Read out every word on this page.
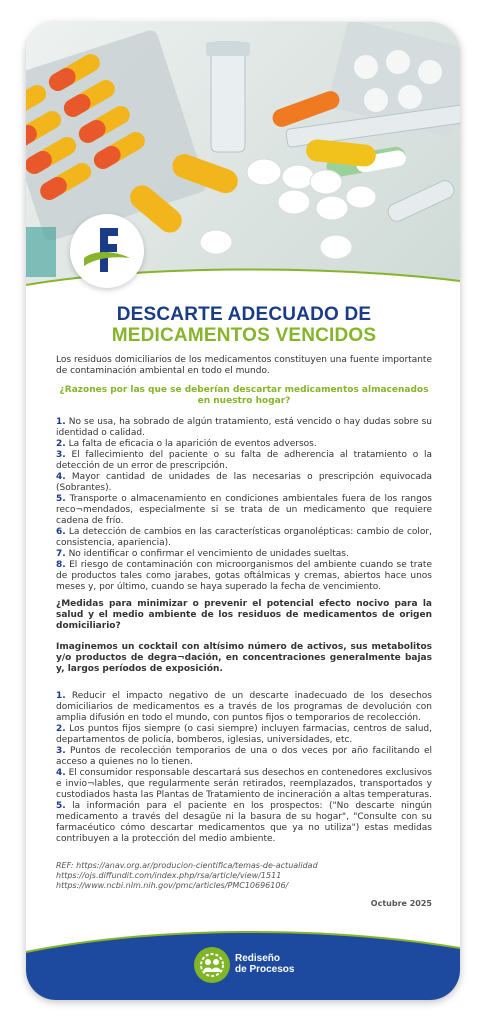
DESCARTE ADECUADO DE
MEDICAMENTOS VENCIDOS
Los residuos domiciliarios de los medicamentos constituyen una fuente importante de contaminación ambiental en todo el mundo.
¿Razones por las que se deberían descartar medicamentos almacenados en nuestro hogar?
1. No se usa, ha sobrado de algún tratamiento, está vencido o hay dudas sobre su identidad o calidad.
2. La falta de eficacia o la aparición de eventos adversos.
3. El fallecimiento del paciente o su falta de adherencia al tratamiento o la detección de un error de prescripción.
4. Mayor cantidad de unidades de las necesarias o prescripción equivocada (Sobrantes).
5. Transporte o almacenamiento en condiciones ambientales fuera de los rangos reco¬mendados, especialmente si se trata de un medicamento que requiere cadena de frío.
6. La detección de cambios en las características organolépticas: cambio de color, consistencia, apariencia).
7. No identificar o confirmar el vencimiento de unidades sueltas.
8. El riesgo de contaminación con microorganismos del ambiente cuando se trate de productos tales como jarabes, gotas oftálmicas y cremas, abiertos hace unos meses y, por último, cuando se haya superado la fecha de vencimiento.
¿Medidas para minimizar o prevenir el potencial efecto nocivo para la salud y el medio ambiente de los residuos de medicamentos de origen domiciliario?
Imaginemos un cocktail con altísimo número de activos, sus metabolitos y/o productos de degra¬dación, en concentraciones generalmente bajas y, largos períodos de exposición.
1. Reducir el impacto negativo de un descarte inadecuado de los desechos domiciliarios de medicamentos es a través de los programas de devolución con amplia difusión en todo el mundo, con puntos fijos o temporarios de recolección.
2. Los puntos fijos siempre (o casi siempre) incluyen farmacias, centros de salud, departamentos de policía, bomberos, iglesias, universidades, etc.
3. Puntos de recolección temporarios de una o dos veces por año facilitando el acceso a quienes no lo tienen.
4. El consumidor responsable descartará sus desechos en contenedores exclusivos e invio¬lables, que regularmente serán retirados, reemplazados, transportados y custodiados hasta las Plantas de Tratamiento de incineración a altas temperaturas.
5. la información para el paciente en los prospectos: ("No descarte ningún medicamento a través del desagüe ni la basura de su hogar", "Consulte con su farmacéutico cómo descartar medicamentos que ya no utiliza") estas medidas contribuyen a la protección del medio ambiente.
REF: https://anav.org.ar/producion-cientifica/temas-de-actualidad
https://ojs.diffundit.com/index.php/rsa/article/view/1511
https://www.ncbi.nlm.nih.gov/pmc/articles/PMC10696106/
Octubre 2025
Rediseño
de Procesos
